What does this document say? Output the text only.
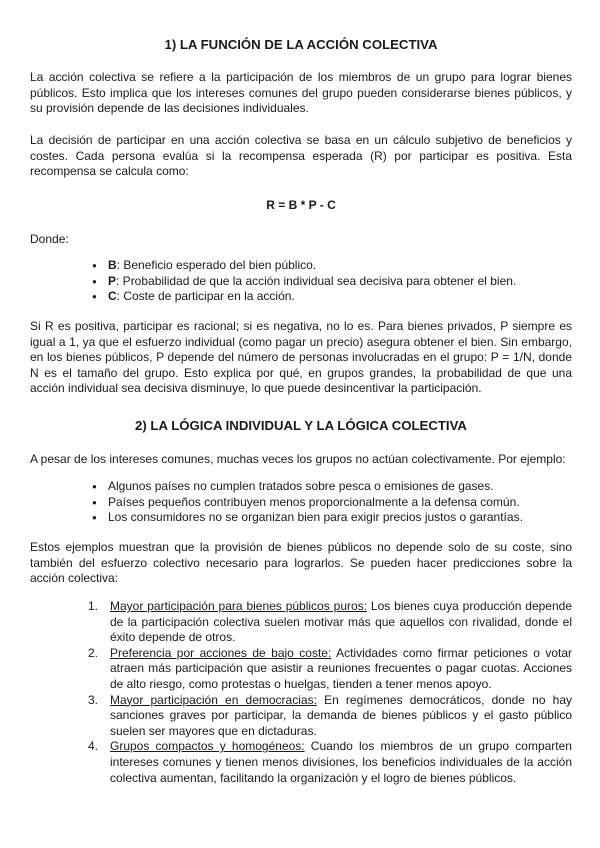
1) LA FUNCIÓN DE LA ACCIÓN COLECTIVA

La acción colectiva se refiere a la participación de los miembros de un grupo para lograr bienes públicos. Esto implica que los intereses comunes del grupo pueden considerarse bienes públicos, y su provisión depende de las decisiones individuales.

La decisión de participar en una acción colectiva se basa en un cálculo subjetivo de beneficios y costes. Cada persona evalúa si la recompensa esperada (R) por participar es positiva. Esta recompensa se calcula como:

R = B * P - C

Donde:

● B: Beneficio esperado del bien público.
● P: Probabilidad de que la acción individual sea decisiva para obtener el bien.
● C: Coste de participar en la acción.

Si R es positiva, participar es racional; si es negativa, no lo es. Para bienes privados, P siempre es igual a 1, ya que el esfuerzo individual (como pagar un precio) asegura obtener el bien. Sin embargo, en los bienes públicos, P depende del número de personas involucradas en el grupo: P = 1/N, donde N es el tamaño del grupo. Esto explica por qué, en grupos grandes, la probabilidad de que una acción individual sea decisiva disminuye, lo que puede desincentivar la participación.

2) LA LÓGICA INDIVIDUAL Y LA LÓGICA COLECTIVA

A pesar de los intereses comunes, muchas veces los grupos no actúan colectivamente. Por ejemplo:

● Algunos países no cumplen tratados sobre pesca o emisiones de gases.
● Países pequeños contribuyen menos proporcionalmente a la defensa común.
● Los consumidores no se organizan bien para exigir precios justos o garantías.

Estos ejemplos muestran que la provisión de bienes públicos no depende solo de su coste, sino también del esfuerzo colectivo necesario para lograrlos. Se pueden hacer predicciones sobre la acción colectiva:

1. Mayor participación para bienes públicos puros: Los bienes cuya producción depende de la participación colectiva suelen motivar más que aquellos con rivalidad, donde el éxito depende de otros.
2. Preferencia por acciones de bajo coste: Actividades como firmar peticiones o votar atraen más participación que asistir a reuniones frecuentes o pagar cuotas. Acciones de alto riesgo, como protestas o huelgas, tienden a tener menos apoyo.
3. Mayor participación en democracias: En regímenes democráticos, donde no hay sanciones graves por participar, la demanda de bienes públicos y el gasto público suelen ser mayores que en dictaduras.
4. Grupos compactos y homogéneos: Cuando los miembros de un grupo comparten intereses comunes y tienen menos divisiones, los beneficios individuales de la acción colectiva aumentan, facilitando la organización y el logro de bienes públicos.
